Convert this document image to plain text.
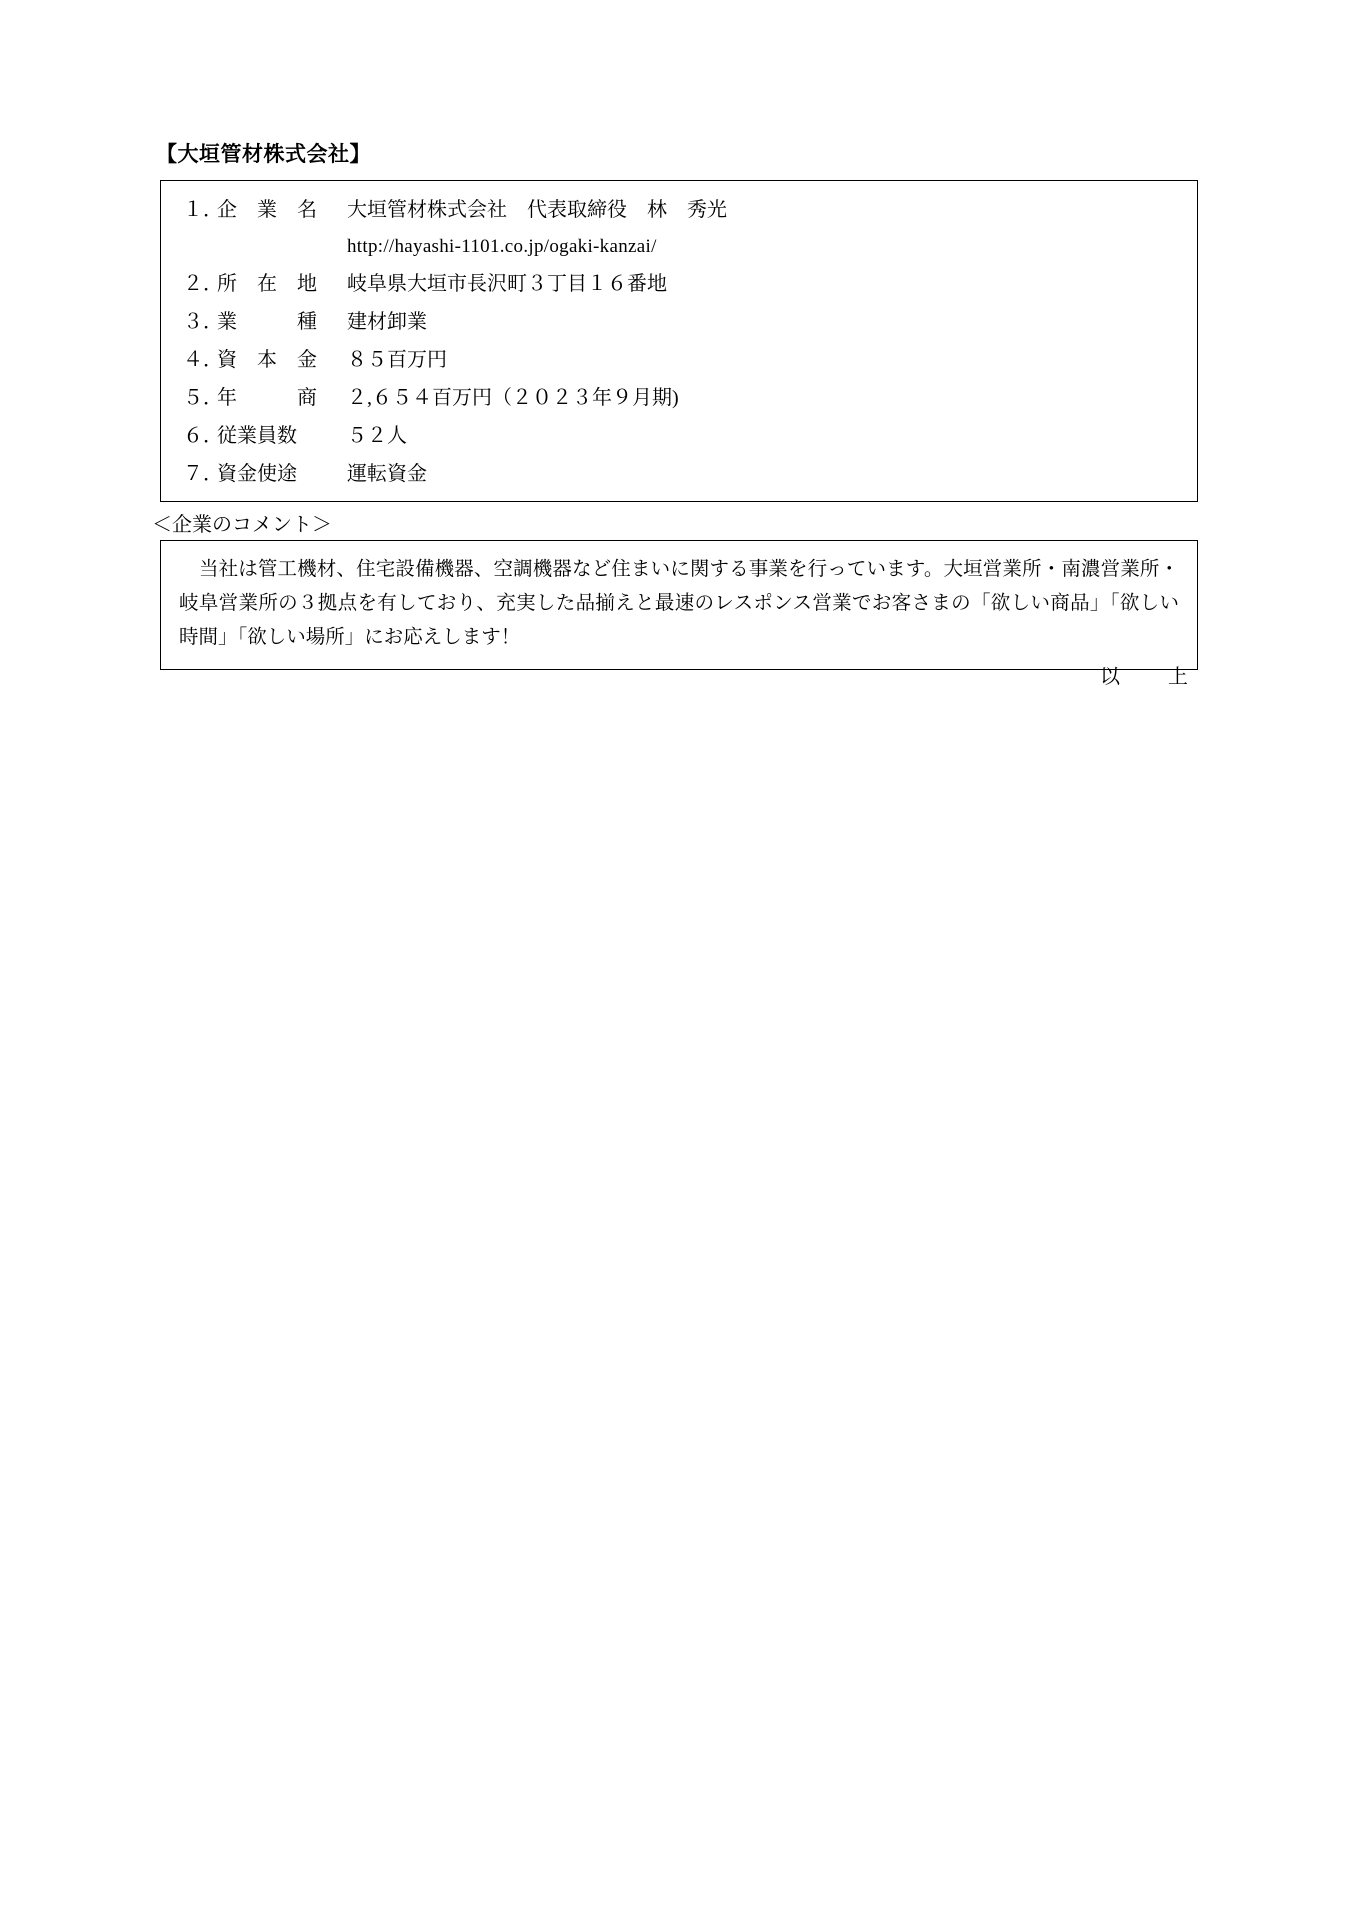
【大垣管材株式会社】
１．
企　業　名	大垣管材株式会社　代表取締役　林　秀光
http://hayashi-1101.co.jp/ogaki-kanzai/
２．
所　在　地	岐阜県大垣市長沢町３丁目１６番地
３．
業　　　種	建材卸業
４．
資　本　金	８５百万円
５．
年　　　商	２,６５４百万円（２０２３年９月期)
６．
従業員数	５２人
７．
資金使途	運転資金
＜企業のコメント＞
当社は管工機材、住宅設備機器、空調機器など住まいに関する事業を行っています。大垣営業所・南濃営業所・岐阜営業所の３拠点を有しており、充実した品揃えと最速のレスポンス営業でお客さまの「欲しい商品」「欲しい時間」「欲しい場所」にお応えします！
以　上
